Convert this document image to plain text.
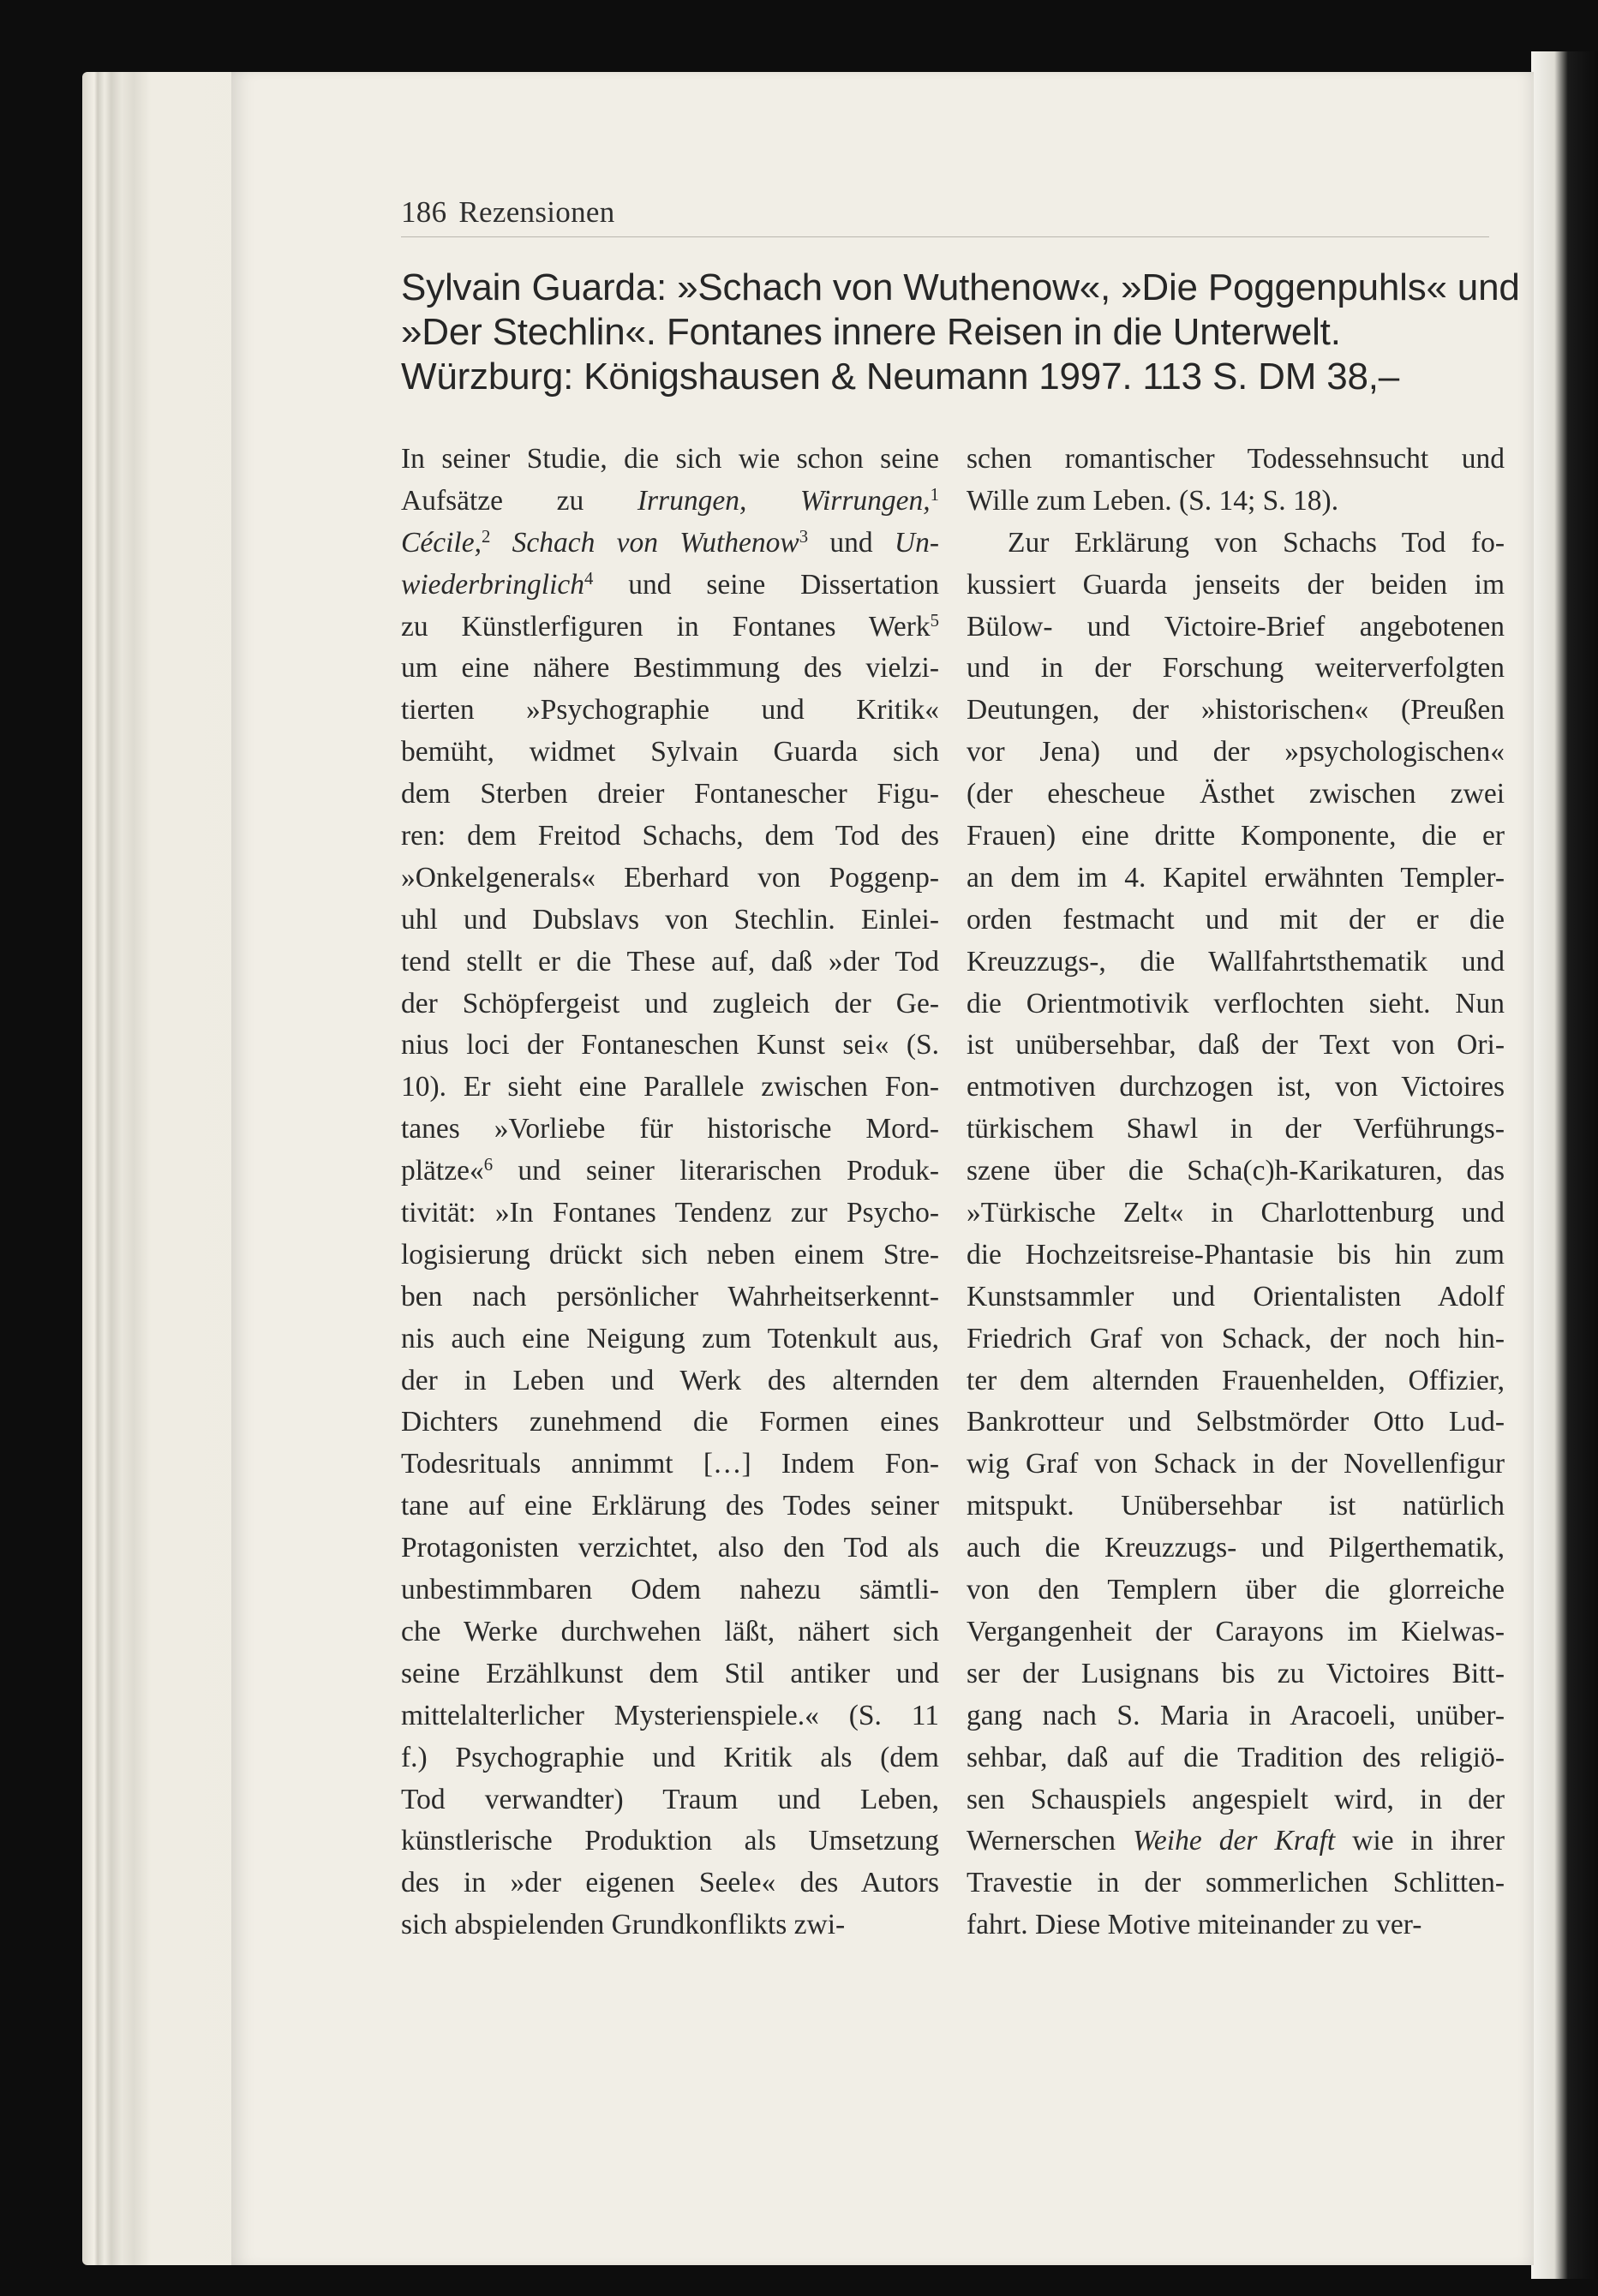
186 Rezensionen
Sylvain Guarda: »Schach von Wuthenow«, »Die Poggenpuhls« und
»Der Stechlin«. Fontanes innere Reisen in die Unterwelt.
Würzburg: Königshausen & Neumann 1997. 113 S. DM 38,–
In seiner Studie, die sich wie schon seine
Aufsätze zu Irrungen, Wirrungen,$^1$
Cécile,$^2$ Schach von Wuthenow$^3$ und Un-
wiederbringlich$^4$ und seine Dissertation
zu Künstlerfiguren in Fontanes Werk$^5$
um eine nähere Bestimmung des vielzi-
tierten »Psychographie und Kritik«
bemüht, widmet Sylvain Guarda sich
dem Sterben dreier Fontanescher Figu-
ren: dem Freitod Schachs, dem Tod des
»Onkelgenerals« Eberhard von Poggenp-
uhl und Dubslavs von Stechlin. Einlei-
tend stellt er die These auf, daß »der Tod
der Schöpfergeist und zugleich der Ge-
nius loci der Fontaneschen Kunst sei« (S.
10). Er sieht eine Parallele zwischen Fon-
tanes »Vorliebe für historische Mord-
plätze«$^6$ und seiner literarischen Produk-
tivität: »In Fontanes Tendenz zur Psycho-
logisierung drückt sich neben einem Stre-
ben nach persönlicher Wahrheitserkennt-
nis auch eine Neigung zum Totenkult aus,
der in Leben und Werk des alternden
Dichters zunehmend die Formen eines
Todesrituals annimmt […] Indem Fon-
tane auf eine Erklärung des Todes seiner
Protagonisten verzichtet, also den Tod als
unbestimmbaren Odem nahezu sämtli-
che Werke durchwehen läßt, nähert sich
seine Erzählkunst dem Stil antiker und
mittelalterlicher Mysterienspiele.« (S. 11
f.) Psychographie und Kritik als (dem
Tod verwandter) Traum und Leben,
künstlerische Produktion als Umsetzung
des in »der eigenen Seele« des Autors
sich abspielenden Grundkonflikts zwi-
schen romantischer Todessehnsucht und
Wille zum Leben. (S. 14; S. 18).
Zur Erklärung von Schachs Tod fo-
kussiert Guarda jenseits der beiden im
Bülow- und Victoire-Brief angebotenen
und in der Forschung weiterverfolgten
Deutungen, der »historischen« (Preußen
vor Jena) und der »psychologischen«
(der ehescheue Ästhet zwischen zwei
Frauen) eine dritte Komponente, die er
an dem im 4. Kapitel erwähnten Templer-
orden festmacht und mit der er die
Kreuzzugs-, die Wallfahrtsthematik und
die Orientmotivik verflochten sieht. Nun
ist unübersehbar, daß der Text von Ori-
entmotiven durchzogen ist, von Victoires
türkischem Shawl in der Verführungs-
szene über die Scha(c)h-Karikaturen, das
»Türkische Zelt« in Charlottenburg und
die Hochzeitsreise-Phantasie bis hin zum
Kunstsammler und Orientalisten Adolf
Friedrich Graf von Schack, der noch hin-
ter dem alternden Frauenhelden, Offizier,
Bankrotteur und Selbstmörder Otto Lud-
wig Graf von Schack in der Novellenfigur
mitspukt. Unübersehbar ist natürlich
auch die Kreuzzugs- und Pilgerthematik,
von den Templern über die glorreiche
Vergangenheit der Carayons im Kielwas-
ser der Lusignans bis zu Victoires Bitt-
gang nach S. Maria in Aracoeli, unüber-
sehbar, daß auf die Tradition des religiö-
sen Schauspiels angespielt wird, in der
Wernerschen Weihe der Kraft wie in ihrer
Travestie in der sommerlichen Schlitten-
fahrt. Diese Motive miteinander zu ver-
